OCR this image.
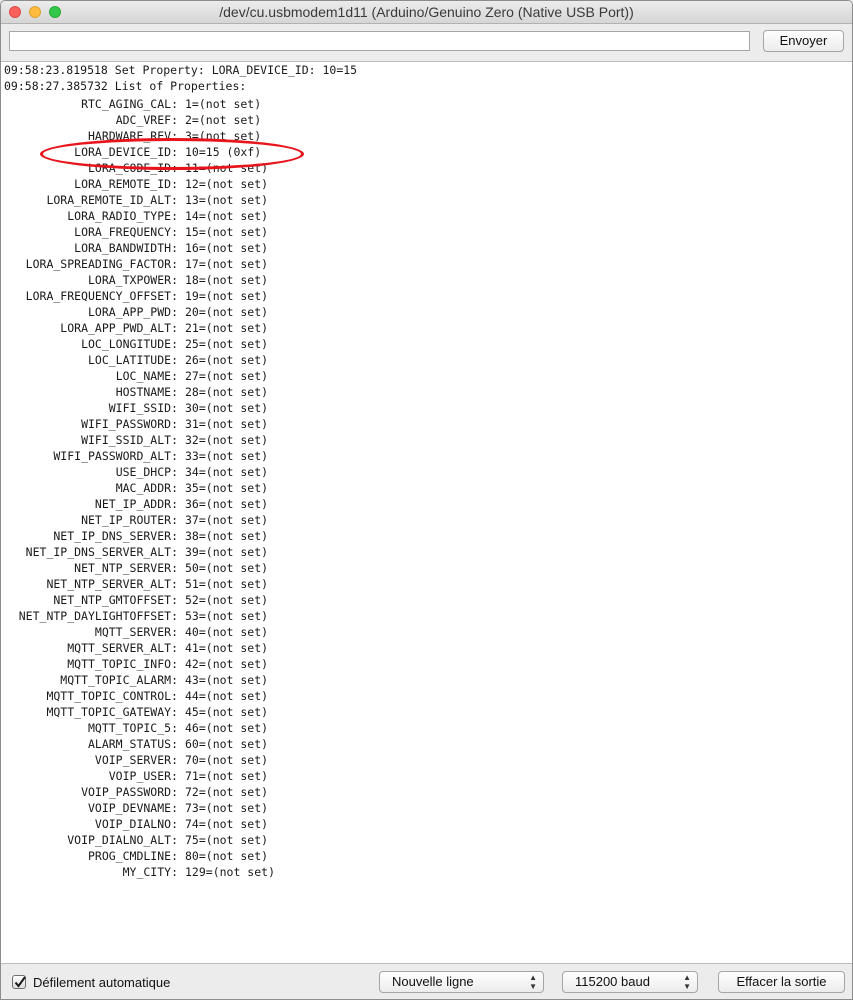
/dev/cu.usbmodem1d11 (Arduino/Genuino Zero (Native USB Port))
Envoyer
09:58:23.819518 Set Property: LORA_DEVICE_ID: 10=15
09:58:27.385732 List of Properties:
RTC_AGING_CAL: 1=(not set)
ADC_VREF: 2=(not set)
HARDWARE_REV: 3=(not set)
LORA_DEVICE_ID: 10=15 (0xf)
LORA_CODE_ID: 11=(not set)
LORA_REMOTE_ID: 12=(not set)
LORA_REMOTE_ID_ALT: 13=(not set)
LORA_RADIO_TYPE: 14=(not set)
LORA_FREQUENCY: 15=(not set)
LORA_BANDWIDTH: 16=(not set)
LORA_SPREADING_FACTOR: 17=(not set)
LORA_TXPOWER: 18=(not set)
LORA_FREQUENCY_OFFSET: 19=(not set)
LORA_APP_PWD: 20=(not set)
LORA_APP_PWD_ALT: 21=(not set)
LOC_LONGITUDE: 25=(not set)
LOC_LATITUDE: 26=(not set)
LOC_NAME: 27=(not set)
HOSTNAME: 28=(not set)
WIFI_SSID: 30=(not set)
WIFI_PASSWORD: 31=(not set)
WIFI_SSID_ALT: 32=(not set)
WIFI_PASSWORD_ALT: 33=(not set)
USE_DHCP: 34=(not set)
MAC_ADDR: 35=(not set)
NET_IP_ADDR: 36=(not set)
NET_IP_ROUTER: 37=(not set)
NET_IP_DNS_SERVER: 38=(not set)
NET_IP_DNS_SERVER_ALT: 39=(not set)
NET_NTP_SERVER: 50=(not set)
NET_NTP_SERVER_ALT: 51=(not set)
NET_NTP_GMTOFFSET: 52=(not set)
NET_NTP_DAYLIGHTOFFSET: 53=(not set)
MQTT_SERVER: 40=(not set)
MQTT_SERVER_ALT: 41=(not set)
MQTT_TOPIC_INFO: 42=(not set)
MQTT_TOPIC_ALARM: 43=(not set)
MQTT_TOPIC_CONTROL: 44=(not set)
MQTT_TOPIC_GATEWAY: 45=(not set)
MQTT_TOPIC_5: 46=(not set)
ALARM_STATUS: 60=(not set)
VOIP_SERVER: 70=(not set)
VOIP_USER: 71=(not set)
VOIP_PASSWORD: 72=(not set)
VOIP_DEVNAME: 73=(not set)
VOIP_DIALNO: 74=(not set)
VOIP_DIALNO_ALT: 75=(not set)
PROG_CMDLINE: 80=(not set)
MY_CITY: 129=(not set)
Défilement automatique	Nouvelle ligne	▲
▼	115200 baud	▲
▼	Effacer la sortie
